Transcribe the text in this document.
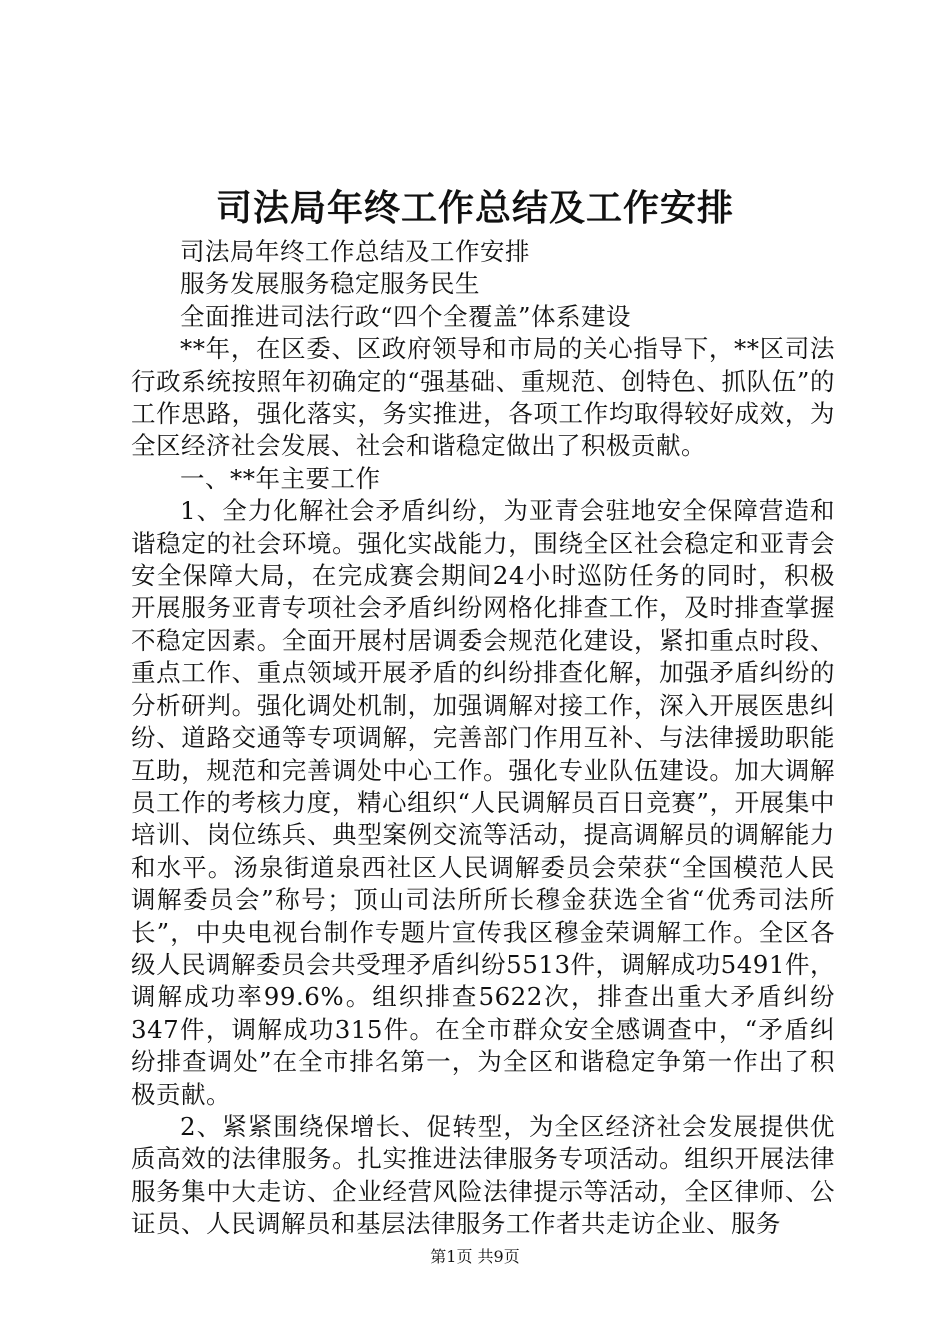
司法局年终工作总结及工作安排

司法局年终工作总结及工作安排

服务发展服务稳定服务民生

全面推进司法行政“四个全覆盖”体系建设

**年，在区委、区政府领导和市局的关心指导下，**区司法行政系统按照年初确定的“强基础、重规范、创特色、抓队伍”的工作思路，强化落实，务实推进，各项工作均取得较好成效，为全区经济社会发展、社会和谐稳定做出了积极贡献。

一、**年主要工作

1、全力化解社会矛盾纠纷，为亚青会驻地安全保障营造和谐稳定的社会环境。强化实战能力，围绕全区社会稳定和亚青会安全保障大局，在完成赛会期间24小时巡防任务的同时，积极开展服务亚青专项社会矛盾纠纷网格化排查工作，及时排查掌握不稳定因素。全面开展村居调委会规范化建设，紧扣重点时段、重点工作、重点领域开展矛盾的纠纷排查化解，加强矛盾纠纷的分析研判。强化调处机制，加强调解对接工作，深入开展医患纠纷、道路交通等专项调解，完善部门作用互补、与法律援助职能互助，规范和完善调处中心工作。强化专业队伍建设。加大调解员工作的考核力度，精心组织“人民调解员百日竞赛”，开展集中培训、岗位练兵、典型案例交流等活动，提高调解员的调解能力和水平。汤泉街道泉西社区人民调解委员会荣获“全国模范人民调解委员会”称号；顶山司法所所长穆金获选全省“优秀司法所长”，中央电视台制作专题片宣传我区穆金荣调解工作。全区各级人民调解委员会共受理矛盾纠纷5513件，调解成功5491件，调解成功率99.6%。组织排查5622次，排查出重大矛盾纠纷347件，调解成功315件。在全市群众安全感调查中，“矛盾纠纷排查调处”在全市排名第一，为全区和谐稳定争第一作出了积极贡献。

2、紧紧围绕保增长、促转型，为全区经济社会发展提供优质高效的法律服务。扎实推进法律服务专项活动。组织开展法律服务集中大走访、企业经营风险法律提示等活动，全区律师、公证员、人民调解员和基层法律服务工作者共走访企业、服务

第1页 共9页
